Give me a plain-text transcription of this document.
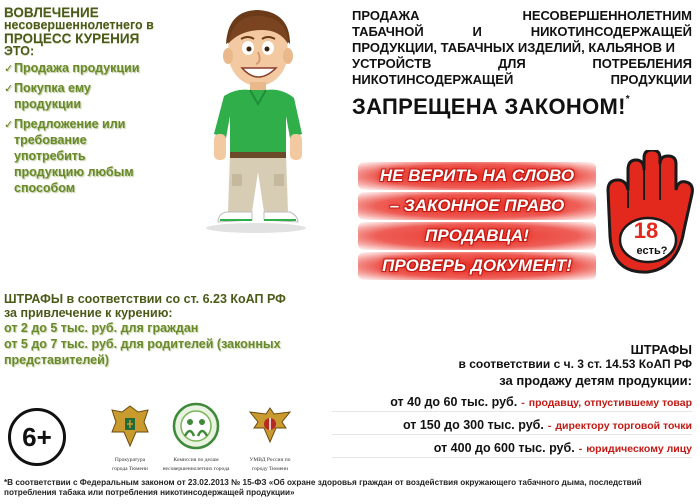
ВОВЛЕЧЕНИЕ
несовершеннолетнего в
ПРОЦЕСС КУРЕНИЯ
ЭТО:
✓ Продажа продукции
✓ Покупка ему
продукции
✓ Предложение или
требование
употребить
продукцию любым
способом
ПРОДАЖА	НЕСОВЕРШЕННОЛЕТНИМ
ТАБАЧНОЙ	И	НИКОТИНСОДЕРЖАЩЕЙ
ПРОДУКЦИИ, ТАБАЧНЫХ ИЗДЕЛИЙ, КАЛЬЯНОВ И
УСТРОЙСТВ	ДЛЯ	ПОТРЕБЛЕНИЯ
НИКОТИНСОДЕРЖАЩЕЙ	ПРОДУКЦИИ
ЗАПРЕЩЕНА ЗАКОНОМ!*
НЕ ВЕРИТЬ НА СЛОВО
– ЗАКОННОЕ ПРАВО
ПРОДАВЦА!
ПРОВЕРЬ ДОКУМЕНТ!
18
есть?
ШТРАФЫ в соответствии со ст. 6.23 КоАП РФ
за привлечение к курению:
от 2 до 5 тыс. руб. для граждан
от 5 до 7 тыс. руб. для родителей (законных
представителей)
ШТРАФЫ
в соответствии с ч. 3 ст. 14.53 КоАП РФ
за продажу детям продукции:
от 40 до 60 тыс. руб. - продавцу, отпустившему товар
от 150 до 300 тыс. руб. - директору торговой точки
от 400 до 600 тыс. руб. - юридическому лицу
6+
Прокуратура
города Тюмени
Комиссия по делам
несовершеннолетних города
УМВД России по
городу Тюмени
*В соответствии с Федеральным законом от 23.02.2013 № 15-ФЗ «Об охране здоровья граждан от воздействия окружающего табачного дыма, последствий потребления табака или потребления никотинсодержащей продукции»
